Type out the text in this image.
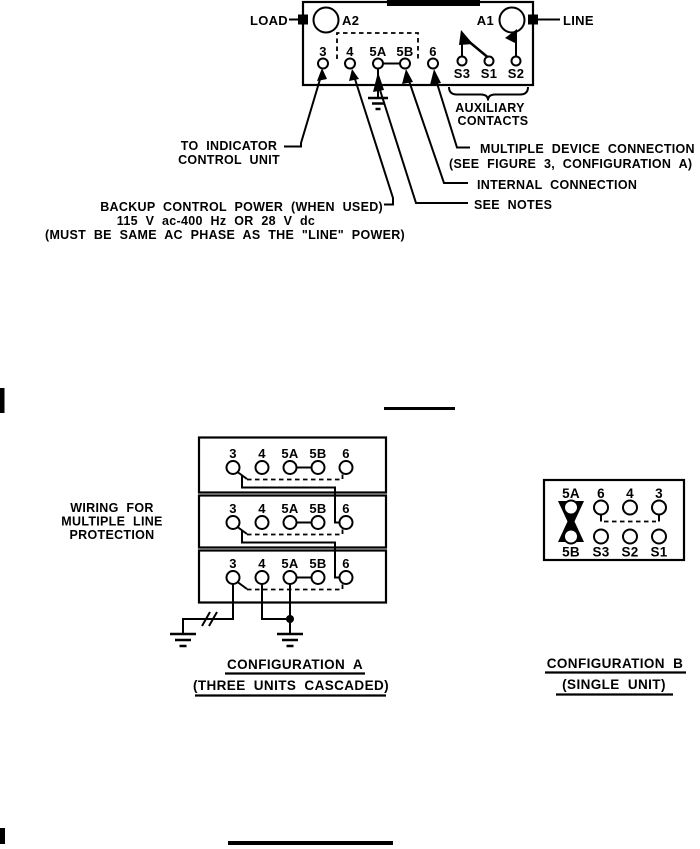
LOAD	A2	A1	LINE
3 4 5A 5B 6
S3 S1 S2
AUXILIARY
CONTACTS
TO INDICATOR
CONTROL UNIT
MULTIPLE DEVICE CONNECTION
(SEE FIGURE 3, CONFIGURATION A)
INTERNAL CONNECTION
SEE NOTES
BACKUP CONTROL POWER (WHEN USED)
115 V ac-400 Hz OR 28 V dc
(MUST BE SAME AC PHASE AS THE "LINE" POWER)
WIRING FOR
MULTIPLE LINE
PROTECTION
3 4 5A 5B 6
3 4 5A 5B 6
3 4 5A 5B 6
CONFIGURATION A
(THREE UNITS CASCADED)
5A 6 4 3
5B S3 S2 S1
CONFIGURATION B
(SINGLE UNIT)
